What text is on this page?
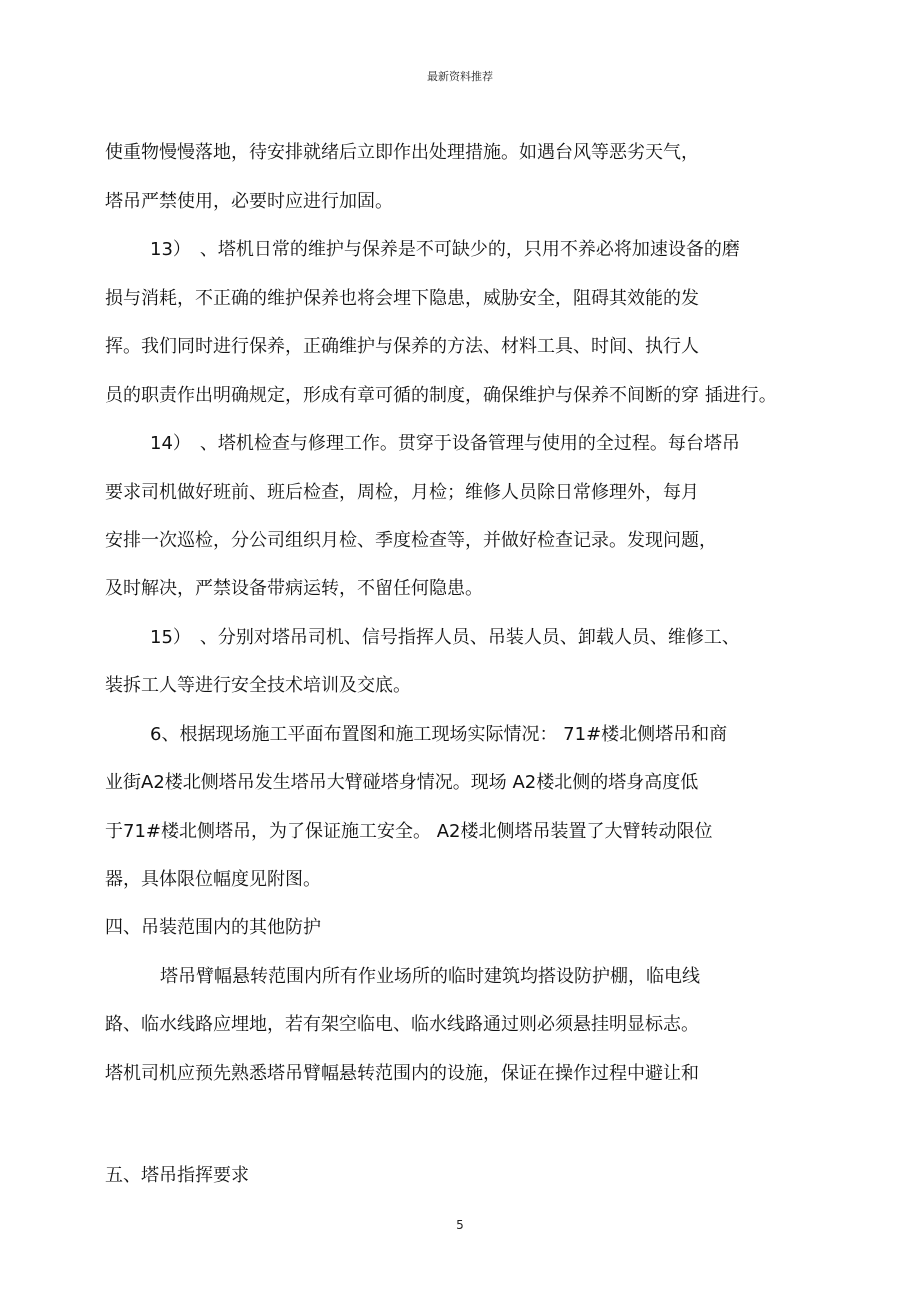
最新资料推荐
使重物慢慢落地，待安排就绪后立即作出处理措施。如遇台风等恶劣天气，
塔吊严禁使用，必要时应进行加固。
13）　、塔机日常的维护与保养是不可缺少的，只用不养必将加速设备的磨
损与消耗，不正确的维护保养也将会埋下隐患，威胁安全，阻碍其效能的发
挥。我们同时进行保养，正确维护与保养的方法、材料工具、时间、执行人
员的职责作出明确规定，形成有章可循的制度，确保维护与保养不间断的穿 插进行。
14）　、塔机检查与修理工作。贯穿于设备管理与使用的全过程。每台塔吊
要求司机做好班前、班后检查，周检，月检；维修人员除日常修理外，每月
安排一次巡检，分公司组织月检、季度检查等，并做好检查记录。发现问题，
及时解决，严禁设备带病运转，不留任何隐患。
15）　、分别对塔吊司机、信号指挥人员、吊装人员、卸载人员、维修工、
装拆工人等进行安全技术培训及交底。
6、根据现场施工平面布置图和施工现场实际情况： 71#楼北侧塔吊和商
业街A2楼北侧塔吊发生塔吊大臂碰塔身情况。现场 A2楼北侧的塔身高度低
于71#楼北侧塔吊，为了保证施工安全。 A2楼北侧塔吊装置了大臂转动限位
器，具体限位幅度见附图。
四、吊装范围内的其他防护
塔吊臂幅悬转范围内所有作业场所的临时建筑均搭设防护棚，临电线
路、临水线路应埋地，若有架空临电、临水线路通过则必须悬挂明显标志。
塔机司机应预先熟悉塔吊臂幅悬转范围内的设施，保证在操作过程中避让和
五、塔吊指挥要求
5
